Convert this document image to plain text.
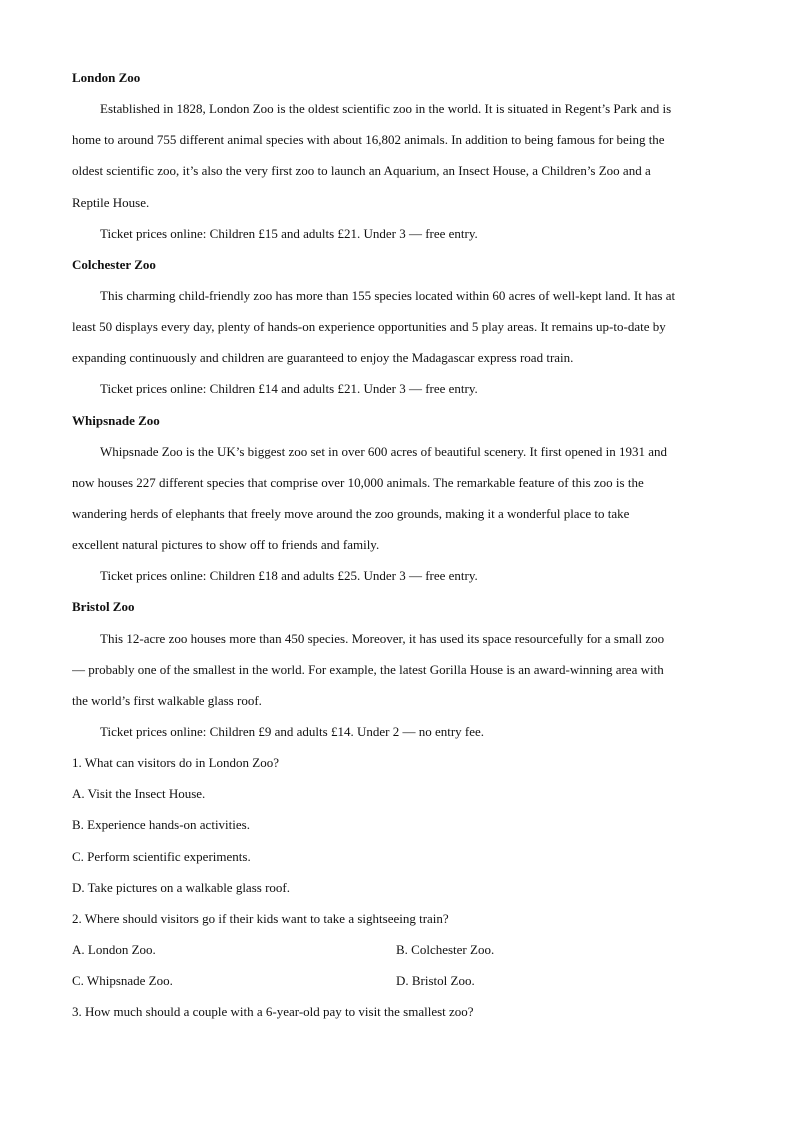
London Zoo
Established in 1828, London Zoo is the oldest scientific zoo in the world. It is situated in Regent’s Park and is
home to around 755 different animal species with about 16,802 animals. In addition to being famous for being the
oldest scientific zoo, it’s also the very first zoo to launch an Aquarium, an Insect House, a Children’s Zoo and a
Reptile House.
Ticket prices online: Children £15 and adults £21. Under 3 — free entry.
Colchester Zoo
This charming child-friendly zoo has more than 155 species located within 60 acres of well-kept land. It has at
least 50 displays every day, plenty of hands-on experience opportunities and 5 play areas. It remains up-to-date by
expanding continuously and children are guaranteed to enjoy the Madagascar express road train.
Ticket prices online: Children £14 and adults £21. Under 3 — free entry.
Whipsnade Zoo
Whipsnade Zoo is the UK’s biggest zoo set in over 600 acres of beautiful scenery. It first opened in 1931 and
now houses 227 different species that comprise over 10,000 animals. The remarkable feature of this zoo is the
wandering herds of elephants that freely move around the zoo grounds, making it a wonderful place to take
excellent natural pictures to show off to friends and family.
Ticket prices online: Children £18 and adults £25. Under 3 — free entry.
Bristol Zoo
This 12-acre zoo houses more than 450 species. Moreover, it has used its space resourcefully for a small zoo
— probably one of the smallest in the world. For example, the latest Gorilla House is an award-winning area with
the world’s first walkable glass roof.
Ticket prices online: Children £9 and adults £14. Under 2 — no entry fee.
1. What can visitors do in London Zoo?
A. Visit the Insect House.
B. Experience hands-on activities.
C. Perform scientific experiments.
D. Take pictures on a walkable glass roof.
2. Where should visitors go if their kids want to take a sightseeing train?
A. London Zoo.	B. Colchester Zoo.
C. Whipsnade Zoo.	D. Bristol Zoo.
3. How much should a couple with a 6-year-old pay to visit the smallest zoo?
